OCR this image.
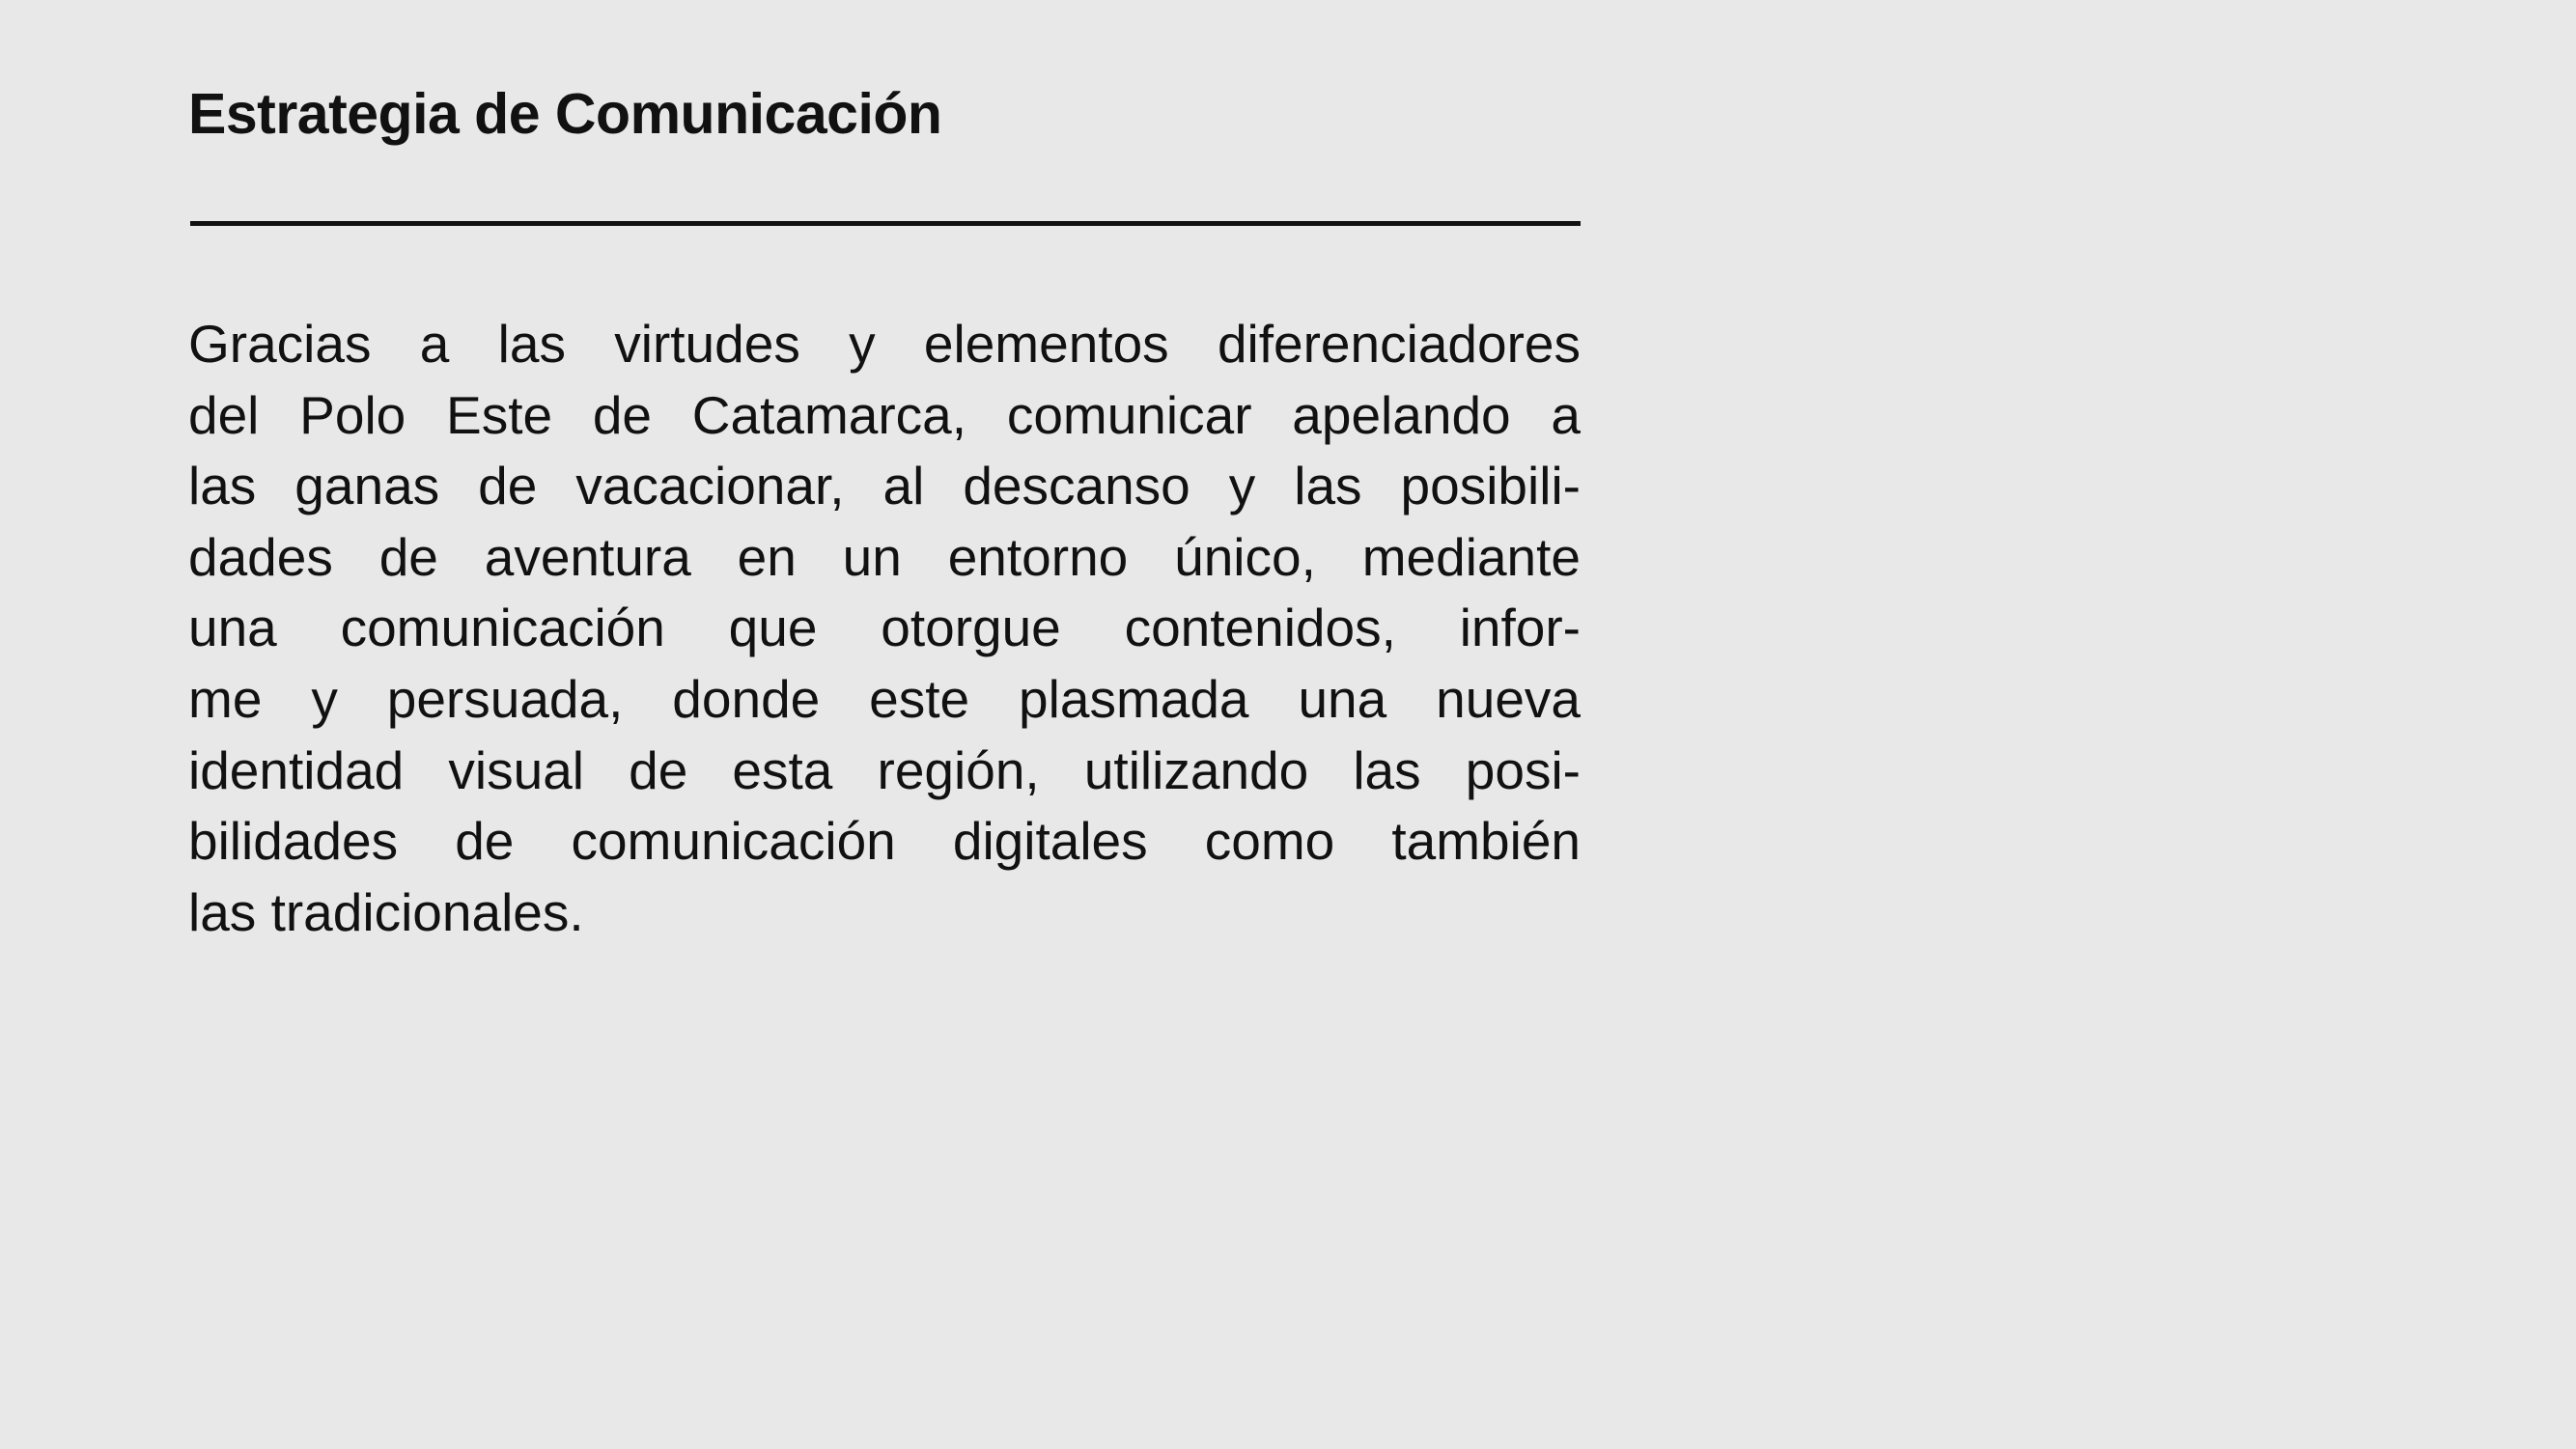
Estrategia de Comunicación

Gracias a las virtudes y elementos diferenciadores
del Polo Este de Catamarca, comunicar apelando a
las ganas de vacacionar, al descanso y las posibili-
dades de aventura en un entorno único, mediante
una comunicación que otorgue contenidos, infor-
me y persuada, donde este plasmada una nueva
identidad visual de esta región, utilizando las posi-
bilidades de comunicación digitales como también
las tradicionales.
